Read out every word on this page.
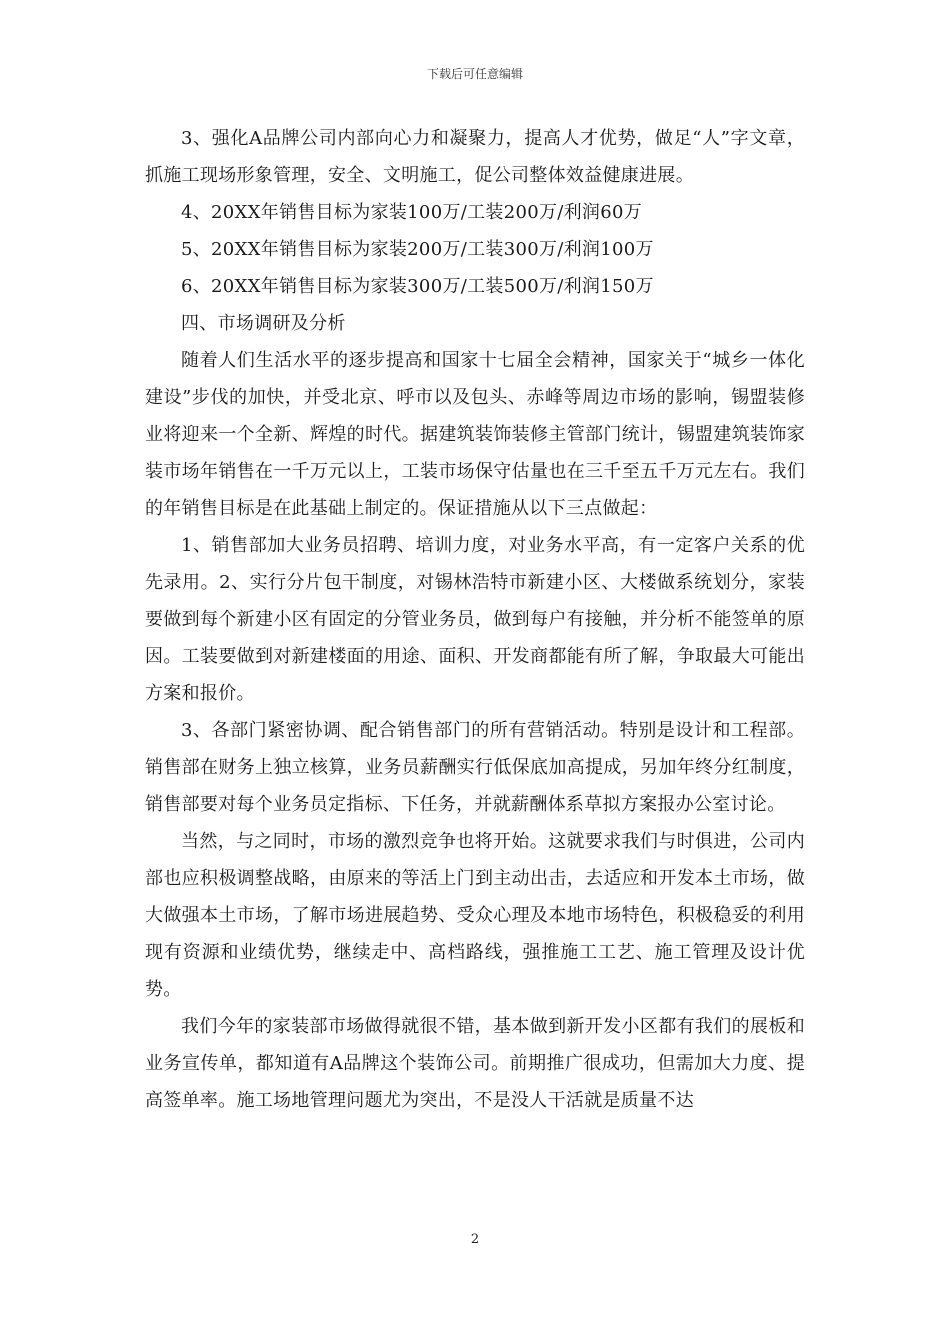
下载后可任意编辑

3、强化A品牌公司内部向心力和凝聚力，提高人才优势，做足“人”字文章，抓施工现场形象管理，安全、文明施工，促公司整体效益健康进展。

4、20XX年销售目标为家装100万/工装200万/利润60万

5、20XX年销售目标为家装200万/工装300万/利润100万

6、20XX年销售目标为家装300万/工装500万/利润150万

四、市场调研及分析

随着人们生活水平的逐步提高和国家十七届全会精神，国家关于“城乡一体化建设”步伐的加快，并受北京、呼市以及包头、赤峰等周边市场的影响，锡盟装修业将迎来一个全新、辉煌的时代。据建筑装饰装修主管部门统计，锡盟建筑装饰家装市场年销售在一千万元以上，工装市场保守估量也在三千至五千万元左右。我们的年销售目标是在此基础上制定的。保证措施从以下三点做起：

1、销售部加大业务员招聘、培训力度，对业务水平高，有一定客户关系的优先录用。2、实行分片包干制度，对锡林浩特市新建小区、大楼做系统划分，家装要做到每个新建小区有固定的分管业务员，做到每户有接触，并分析不能签单的原因。工装要做到对新建楼面的用途、面积、开发商都能有所了解，争取最大可能出方案和报价。

3、各部门紧密协调、配合销售部门的所有营销活动。特别是设计和工程部。销售部在财务上独立核算，业务员薪酬实行低保底加高提成，另加年终分红制度，销售部要对每个业务员定指标、下任务，并就薪酬体系草拟方案报办公室讨论。

当然，与之同时，市场的激烈竞争也将开始。这就要求我们与时俱进，公司内部也应积极调整战略，由原来的等活上门到主动出击，去适应和开发本土市场，做大做强本土市场，了解市场进展趋势、受众心理及本地市场特色，积极稳妥的利用现有资源和业绩优势，继续走中、高档路线，强推施工工艺、施工管理及设计优势。

我们今年的家装部市场做得就很不错，基本做到新开发小区都有我们的展板和业务宣传单，都知道有A品牌这个装饰公司。前期推广很成功，但需加大力度、提高签单率。施工场地管理问题尤为突出，不是没人干活就是质量不达

2
